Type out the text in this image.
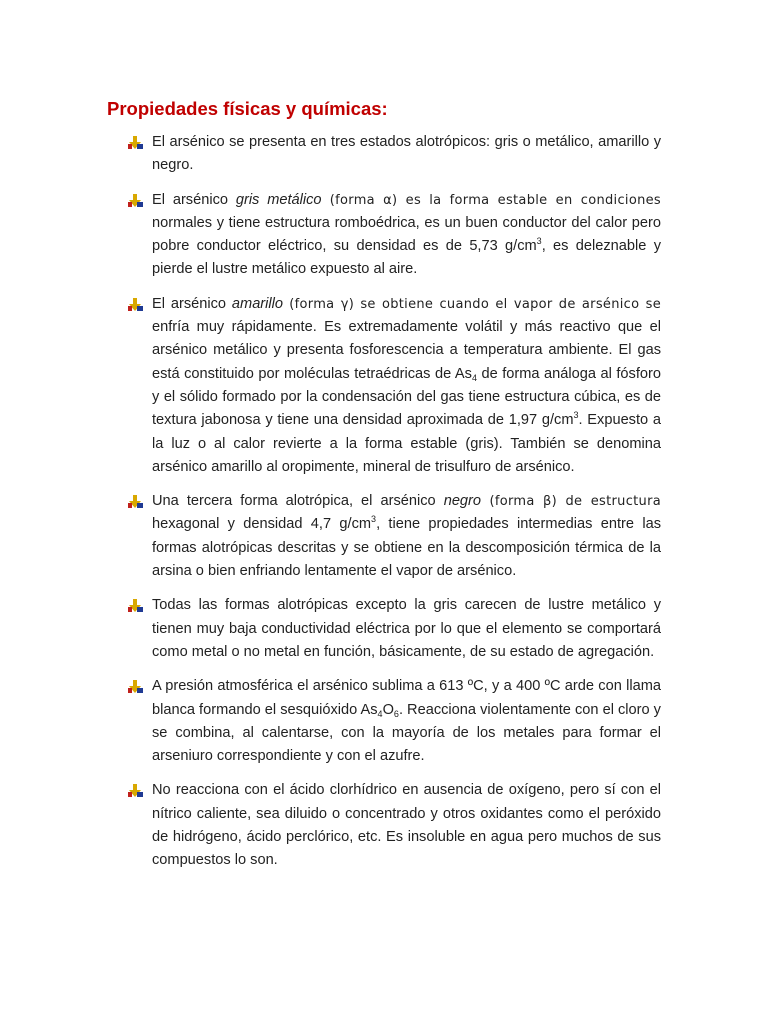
Propiedades físicas y químicas:
El arsénico se presenta en tres estados alotrópicos: gris o metálico, amarillo y negro.
El arsénico gris metálico (forma α) es la forma estable en condiciones normales y tiene estructura romboédrica, es un buen conductor del calor pero pobre conductor eléctrico, su densidad es de 5,73 $g/cm^3$, es deleznable y pierde el lustre metálico expuesto al aire.
El arsénico amarillo (forma γ) se obtiene cuando el vapor de arsénico se enfría muy rápidamente. Es extremadamente volátil y más reactivo que el arsénico metálico y presenta fosforescencia a temperatura ambiente. El gas está constituido por moléculas tetraédricas de $As_4$ de forma análoga al fósforo y el sólido formado por la condensación del gas tiene estructura cúbica, es de textura jabonosa y tiene una densidad aproximada de 1,97 $g/cm^3$. Expuesto a la luz o al calor revierte a la forma estable (gris). También se denomina arsénico amarillo al oropimente, mineral de trisulfuro de arsénico.
Una tercera forma alotrópica, el arsénico negro (forma β) de estructura hexagonal y densidad 4,7 $g/cm^3$, tiene propiedades intermedias entre las formas alotrópicas descritas y se obtiene en la descomposición térmica de la arsina o bien enfriando lentamente el vapor de arsénico.
Todas las formas alotrópicas excepto la gris carecen de lustre metálico y tienen muy baja conductividad eléctrica por lo que el elemento se comportará como metal o no metal en función, básicamente, de su estado de agregación.
A presión atmosférica el arsénico sublima a 613 ºC, y a 400 ºC arde con llama blanca formando el sesquióxido $As_4O_6$. Reacciona violentamente con el cloro y se combina, al calentarse, con la mayoría de los metales para formar el arseniuro correspondiente y con el azufre.
No reacciona con el ácido clorhídrico en ausencia de oxígeno, pero sí con el nítrico caliente, sea diluido o concentrado y otros oxidantes como el peróxido de hidrógeno, ácido perclórico, etc. Es insoluble en agua pero muchos de sus compuestos lo son.
